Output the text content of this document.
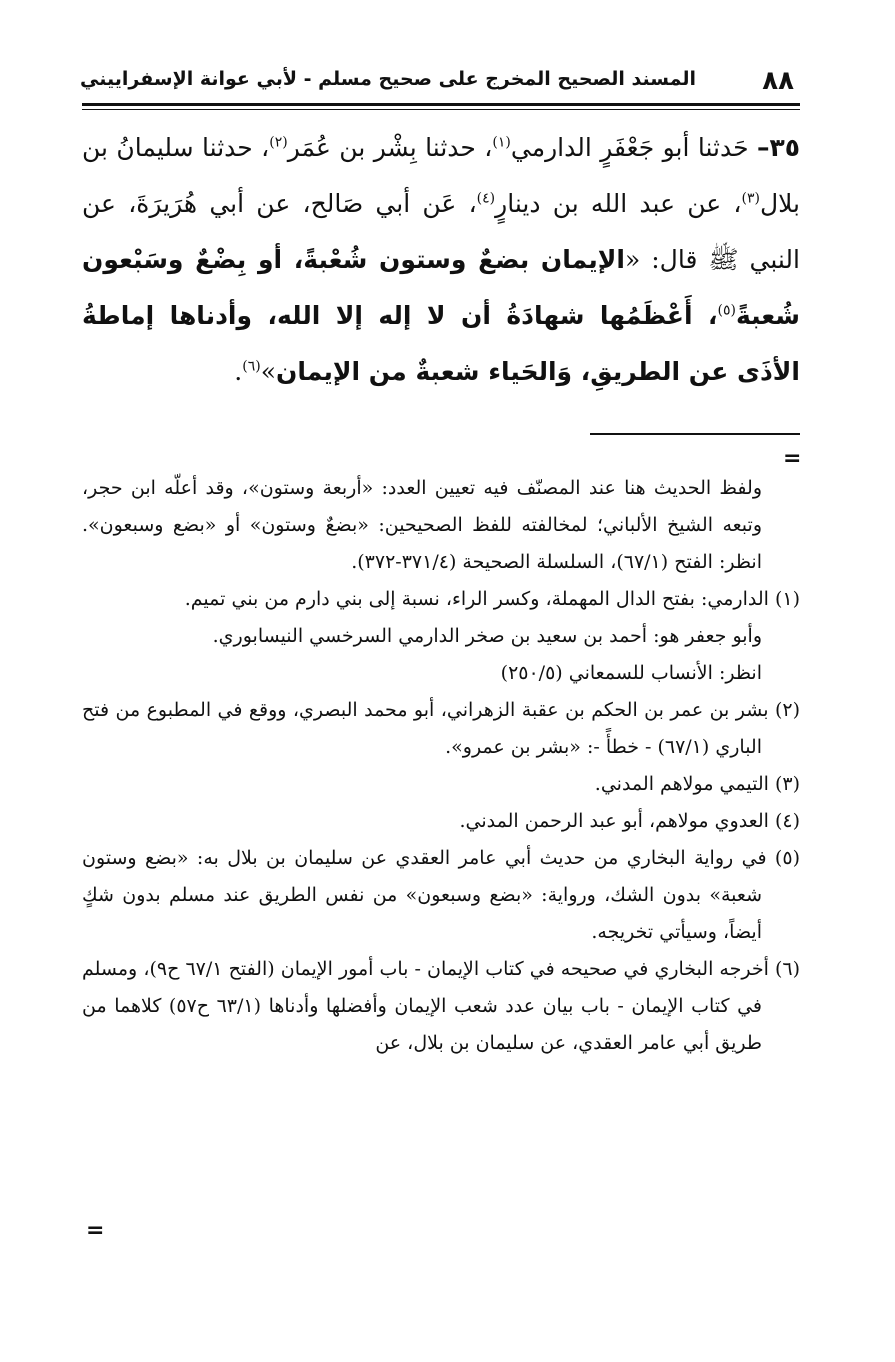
٨٨
المسند الصحيح المخرج على صحيح مسلم - لأبي عوانة الإسفراييني
٣٥– حَدثنا أبو جَعْفَرٍ الدارمي$^{(١)}$، حدثنا بِشْر بن عُمَر$^{(٢)}$، حدثنا سليمانُ بن بلال$^{(٣)}$، عن عبد الله بن دينارٍ$^{(٤)}$، عَن أبي صَالح، عن أبي هُرَيرَةَ، عن النبي ﷺ قال: «الإيمان بضعٌ وستون شُعْبةً، أو بِضْعٌ وسَبْعون شُعبةً$^{(٥)}$، أَعْظَمُها شهادَةُ أن لا إله إلا الله، وأدناها إماطةُ الأذَى عن الطريقِ، وَالحَياء شعبةٌ من الإيمان»$^{(٦)}$.
=

ولفظ الحديث هنا عند المصنّف فيه تعيين العدد: «أربعة وستون»، وقد أعلّه ابن حجر، وتبعه الشيخ الألباني؛ لمخالفته للفظ الصحيحين: «بضعٌ وستون» أو «بضع وسبعون». انظر: الفتح (٦٧/١)، السلسلة الصحيحة (٣٧١/٤-٣٧٢).

(١) الدارمي: بفتح الدال المهملة، وكسر الراء، نسبة إلى بني دارم من بني تميم.

وأبو جعفر هو: أحمد بن سعيد بن صخر الدارمي السرخسي النيسابوري.

انظر: الأنساب للسمعاني (٢٥٠/٥)

(٢) بشر بن عمر بن الحكم بن عقبة الزهراني، أبو محمد البصري، ووقع في المطبوع من فتح الباري (٦٧/١) - خطأً -: «بشر بن عمرو».

(٣) التيمي مولاهم المدني.

(٤) العدوي مولاهم، أبو عبد الرحمن المدني.

(٥) في رواية البخاري من حديث أبي عامر العقدي عن سليمان بن بلال به: «بضع وستون شعبة» بدون الشك، ورواية: «بضع وسبعون» من نفس الطريق عند مسلم بدون شكٍ أيضاً، وسيأتي تخريجه.

(٦) أخرجه البخاري في صحيحه في كتاب الإيمان - باب أمور الإيمان (الفتح ٦٧/١ ح٩)، ومسلم في كتاب الإيمان - باب بيان عدد شعب الإيمان وأفضلها وأدناها (٦٣/١ ح٥٧) كلاهما من طريق أبي عامر العقدي، عن سليمان بن بلال، عن

=
